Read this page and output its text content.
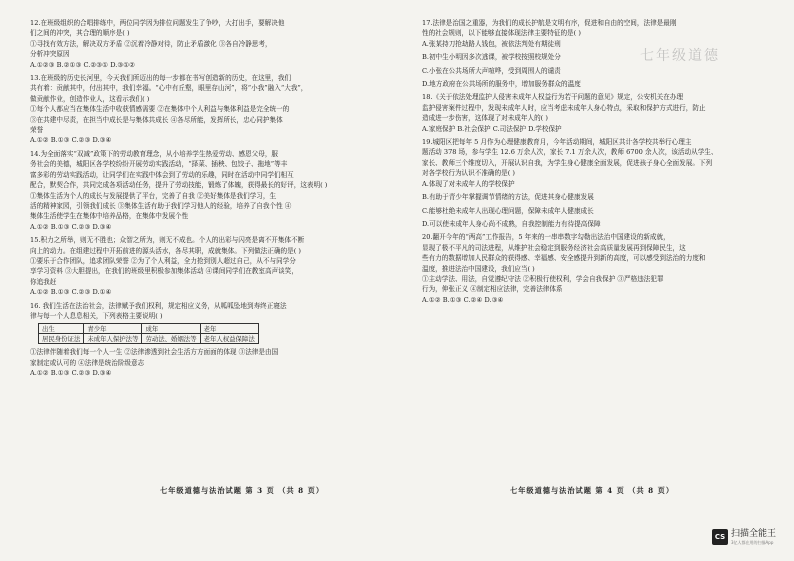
七年级道德
12.在班级组织的合唱排练中，两位同学因为排位问题发生了争吵，大打出手，要解决他
们之间的冲突，其合理的顺序是( )
①寻找有效方法，解决双方矛盾 ②沉着冷静对待，防止矛盾激化 ③各自冷静思考，
分析冲突原因
A.①②③ B.②①③ C.②③① D.③①②
13.在班级的历史长河里，今天我们所迈出的每一步都在书写创造新的历史，在这里，我们
共有着：贡献其中，付出其中，我们幸福。“心中有丘壑，眼里存山河”，将“小我”融入“大我”，
做贡献作业，创造作业人，这看示我们( )
①每个人都应当在集体生活中收获情感需要 ②在集体中个人利益与集体利益是完全统一的
③在共建中尽责，在担当中成长是与集体共成长 ④各尽所能，发挥所长，忠心同护集体
荣誉
A.①② B.①③ C.②③ D.③④
14.为全面落实“双减”政策下的劳动教育理念，从小培养学生热爱劳动、感恩父母，服
务社会的美德，城阳区各学校纷纷开展劳动实践活动，“择菜、插秧、包饺子、拖地”等丰
富多彩的劳动实践活动，让同学们在实践中体会到了劳动的乐趣，同时在活动中同学们相互
配合，默契合作，共同完成各项活动任务，提升了劳动技能，锻炼了体魄，获得最长的好评，这表明( )
①集体生活为个人的成长与发展提供了平台，完善了自我 ②美好集体是我们学习，生
活的精神家园，引领我们成长 ③集体生活有助于我们学习他人的经验，培养了自我个性 ④
集体生活使学生在集体中培养品格，在集体中发展个性
A.①② B.①③ C.②③ D.③④
15.积力之所举，则无不胜也；众智之所为，则无不成也。个人的出彩与闪亮是离不开集体不断
向上的动力。在组建过程中开拓前进的源头活水，各尽其职，成就集体。下列做法正确的是( )
①要乐于合作团队，追求团队荣誉 ②为了个人利益，全力抢到别人超过自己，从不与同学分
享学习资料 ③大胆提出，在我们的班级里积极参加集体活动 ④课间同学们在教室高声谈笑，
你追我赶
A.①② B.①③ C.②③ D.①④
16. 我们生活在法治社会，法律赋予我们权利，规定相应义务，从呱呱坠地到寿终正寝法
律与每一个人息息相关，下列表格主要说明( )
出生	青少年	成年	老年
居民身份证法	未成年人保护法等	劳动法、婚姻法等	老年人权益保障法
①法律伴随着我们每一个人一生 ②法律渗透到社会生活方方面面的体现 ③法律是由国
家制定或认可的 ④法律是统治阶级意志
A.①② B.①③ C.②③ D.③④
17.法律是治国之重器，为我们的成长护航是文明有序，促进和自由的空间，法律是最刚
性的社会规则，以下能够直接体现法律主要特征的是( )
A.张某持刀抢劫路人钱包，被依法判处有期徒刑
B.初中生小明因多次逃课，被学校按照校规处分
C.小张在公共场所大声喧哗，受到周围人的谴责
D.地方政府在公共场所的服务中，增加服务群众的温度
18.《关于依法处理监护人侵害未成年人权益行为若干问题的意见》规定，公安机关在办理
监护侵害案件过程中，发现未成年人时，应当考虑未成年人身心特点，采取和保护方式进行，防止
造成进一步伤害，这体现了对未成年人的( )
A.家庭保护 B.社会保护 C.司法保护 D.学校保护
19.城阳区把每年 5 月作为心理健康教育月，今年活动期间，城阳区共计各学校共举行心理主
题活动 378 场，参与学生 12.6 万余人次，家长 7.1 万余人次，教师 6700 余人次，该活动从学生、
家长、教师三个维度切入，开展认识自我，为学生身心健康全面发展，促进孩子身心全面发展。下列
对各学校行为认识不准确的是( )
A.体现了对未成年人的学校保护
B.有助于青少年掌握调节情绪的方法，促进其身心健康发展
C.能够杜绝未成年人出现心理问题，保障未成年人健康成长
D.可以使未成年人身心尚不成熟，自我控制能力有待提高保障
20.翻开今年的“两高”工作报告，5 年来的一串串数字勾勒出法治中国建设的新成就，
显现了极不平凡的司法进程，从维护社会稳定到服务经济社会高质量发展再到保障民生，这
些有力的数据增加人民群众的获得感、幸福感、安全感提升到新的高度，可以感受到法治的力度和
温度，推进法治中国建设，我们应当( )
①主动学法、用法，自觉遵纪守法 ②积极行使权利，学会自我保护 ③严格违法犯罪
行为，伸张正义 ④制定相应法律，完善法律体系
A.①② B.①③ C.②④ D.③④
七年级道德与法治试题 第 3 页 （共 8 页）	七年级道德与法治试题 第 4 页 （共 8 页）
CS 扫描全能王
3亿人都在用的扫描App
